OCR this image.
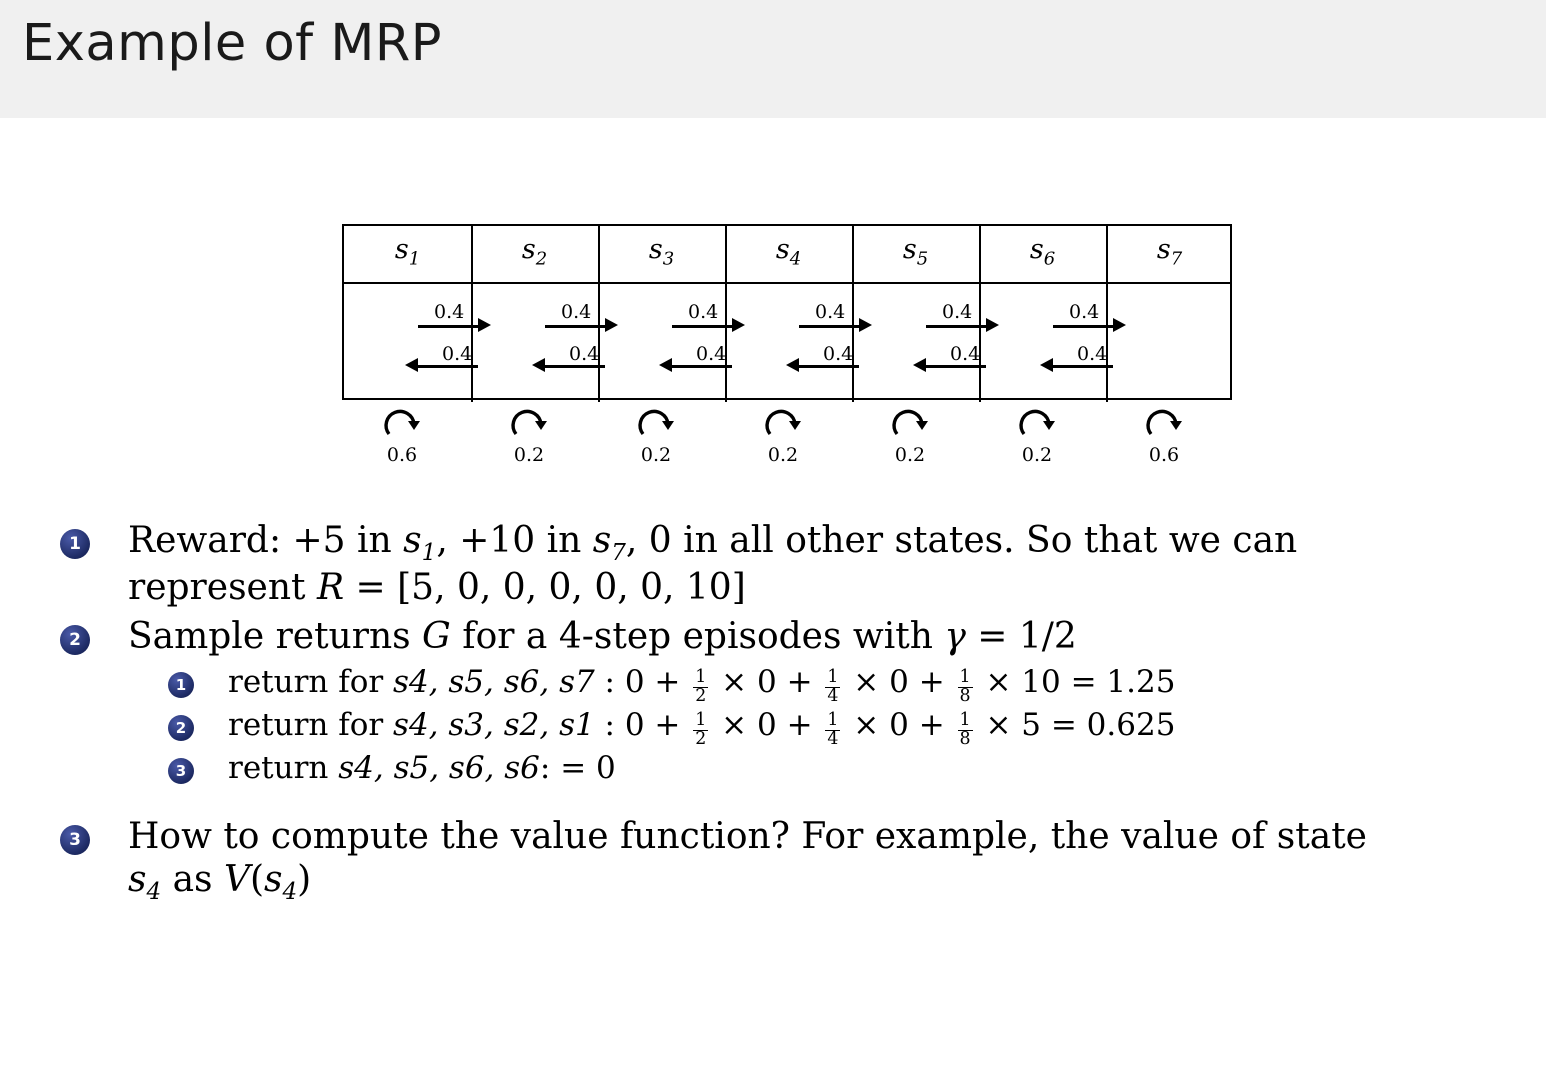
Example of MRP
$s_1$	$s_2$	$s_3$	$s_4$	$s_5$	$s_6$	$s_7$
0.4
0.4
0.4
0.4
0.4
0.4
0.4
0.4
0.4
0.4
0.4
0.4
0.6	0.2	0.2	0.2	0.2	0.2	0.6
1 Reward: +5 in $s_1$, +10 in $s_7$, 0 in all other states. So that we can
represent R = [5, 0, 0, 0, 0, 0, 10]
2 Sample returns G for a 4-step episodes with γ = 1/2
1 return for s4, s5, s6, s7 : $0 + \frac{1}{2} \times 0 + \frac{1}{4} \times 0 + \frac{1}{8} \times 10 = 1.25$
2 return for s4, s3, s2, s1 : $0 + \frac{1}{2} \times 0 + \frac{1}{4} \times 0 + \frac{1}{8} \times 5 = 0.625$
3 return s4, s5, s6, s6: = 0
3 How to compute the value function? For example, the value of state
$s_4$ as $V(s_4)$
